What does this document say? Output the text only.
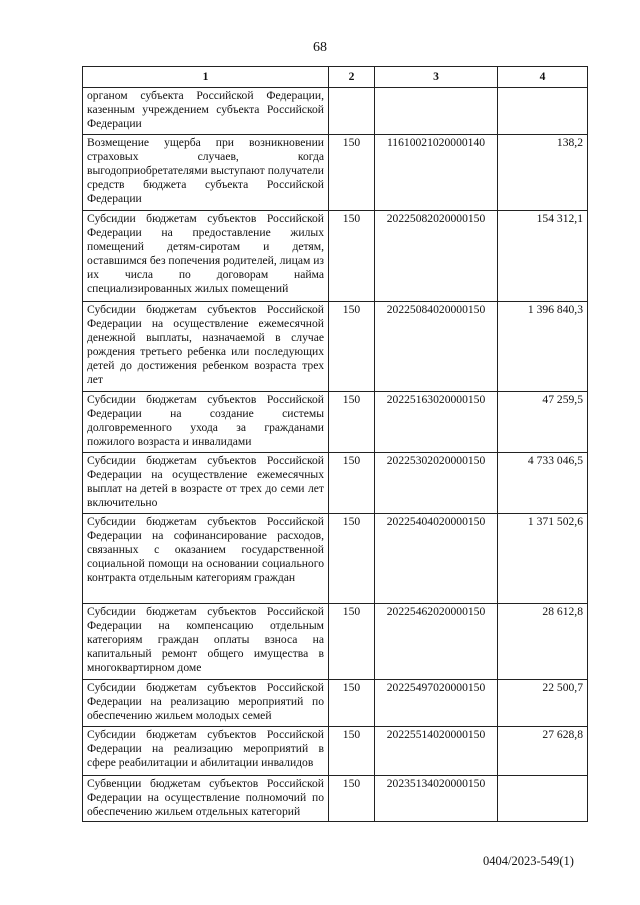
68
1	2	3	4
органом субъекта Российской Федерации, казенным учреждением субъекта Российской Федерации			
Возмещение ущерба при возникновении страховых случаев, когда выгодоприобретателями выступают получатели средств бюджета субъекта Российской Федерации	150	11610021020000140	138,2
Субсидии бюджетам субъектов Российской Федерации на предоставление жилых помещений детям-сиротам и детям, оставшимся без попечения родителей, лицам из их числа по договорам найма специализированных жилых помещений	150	20225082020000150	154 312,1
Субсидии бюджетам субъектов Российской Федерации на осуществление ежемесячной денежной выплаты, назначаемой в случае рождения третьего ребенка или последующих детей до достижения ребенком возраста трех лет	150	20225084020000150	1 396 840,3
Субсидии бюджетам субъектов Российской Федерации на создание системы долговременного ухода за гражданами пожилого возраста и инвалидами	150	20225163020000150	47 259,5
Субсидии бюджетам субъектов Российской Федерации на осуществление ежемесячных выплат на детей в возрасте от трех до семи лет включительно	150	20225302020000150	4 733 046,5
Субсидии бюджетам субъектов Российской Федерации на софинансирование расходов, связанных с оказанием государственной социальной помощи на основании социального контракта отдельным категориям граждан	150	20225404020000150	1 371 502,6
Субсидии бюджетам субъектов Российской Федерации на компенсацию отдельным категориям граждан оплаты взноса на капитальный ремонт общего имущества в многоквартирном доме	150	20225462020000150	28 612,8
Субсидии бюджетам субъектов Российской Федерации на реализацию мероприятий по обеспечению жильем молодых семей	150	20225497020000150	22 500,7
Субсидии бюджетам субъектов Российской Федерации на реализацию мероприятий в сфере реабилитации и абилитации инвалидов	150	20225514020000150	27 628,8
Субвенции бюджетам субъектов Российской Федерации на осуществление полномочий по обеспечению жильем отдельных категорий	150	20235134020000150	
0404/2023-549(1)
